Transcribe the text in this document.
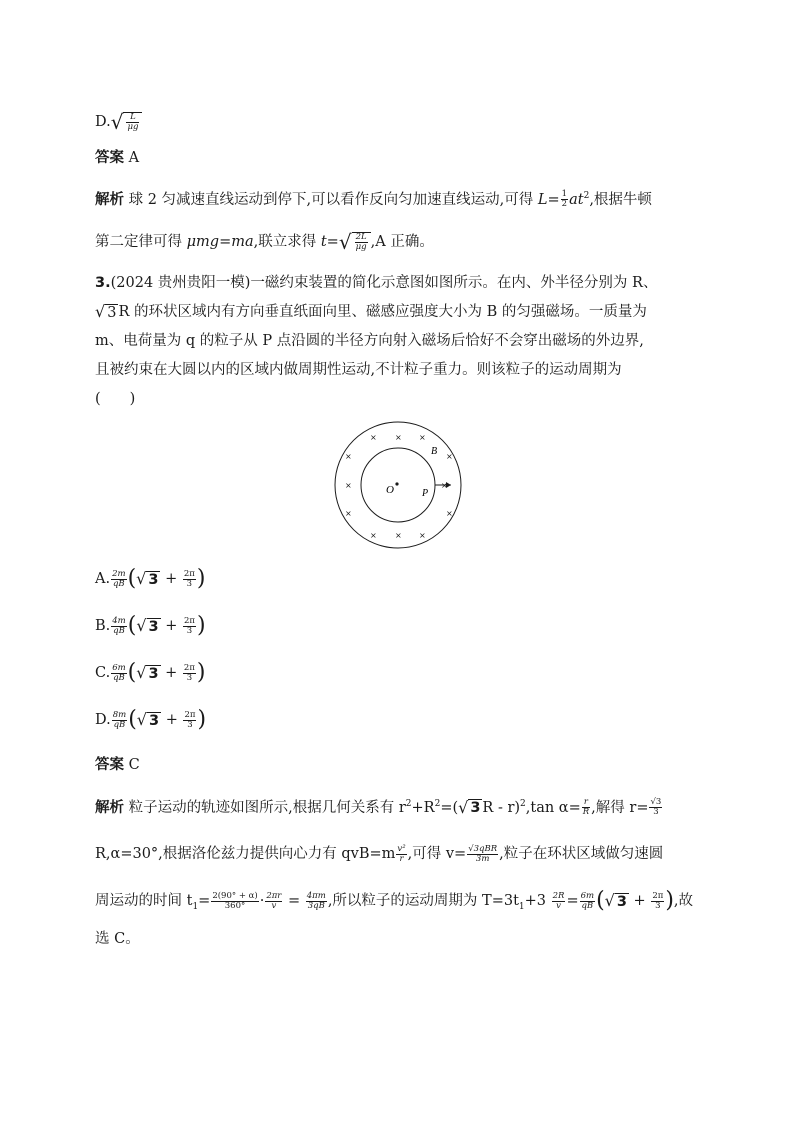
$D.√ \frac{L}{\mu g}$
答案 A
解析 球 2 匀减速直线运动到停下,可以看作反向匀加速直线运动,可得 $L= \frac{1}{2} at^2$,根据牛顿
第二定律可得 μmg=ma,联立求得 $t=√ \frac{2L}{\mu g} ,A$ 正确。
3.(2024 贵州贵阳一模)一磁约束装置的简化示意图如图所示。在内、外半径分别为 R、
√ 3 R 的环状区域内有方向垂直纸面向里、磁感应强度大小为 B 的匀强磁场。一质量为
m、电荷量为 q 的粒子从 P 点沿圆的半径方向射入磁场后恰好不会穿出磁场的外边界,
且被约束在大圆以内的区域内做周期性运动,不计粒子重力。则该粒子的运动周期为
(　　)
A. $\frac{2m}{qB}$ (√ $3 + \frac{2\pi}{3}$ )
B. $\frac{4m}{qB}$ (√ $3 + \frac{2\pi}{3}$ )
C. $\frac{6m}{qB}$ (√ $3 + \frac{2\pi}{3}$ )
D. $\frac{8m}{qB}$ (√ $3 + \frac{2\pi}{3}$ )
答案 C
解析 粒子运动的轨迹如图所示,根据几何关系有 $r^2+R^2=(√$ 3 R - r)$^2$,tan $\alpha= \frac{r}{R}$ ,解得 $r= \frac{√3}{3}$
R,α=30°,根据洛伦兹力提供向心力有 $qvB=m \frac{\text{v²}}{r}$ ,可得 $v= \frac{\text{√3qBR}}{3m}$ ,粒子在环状区域做匀速圆
周运动的时间 $t_1= \frac{2(90^\circ + \alpha)}{360^\circ} \cdot \frac{2\pi r}{v} = \frac{4\pi m}{3qB}$ ,所以粒子的运动周期为 $T=3t_1+3 \frac{2R}{v} = \frac{6m}{qB}$ (√ $3 + \frac{2\pi}{3}$ ),故
选 C。
O	P
B
× × ×
×	×
×	×
×	×
× × ×
